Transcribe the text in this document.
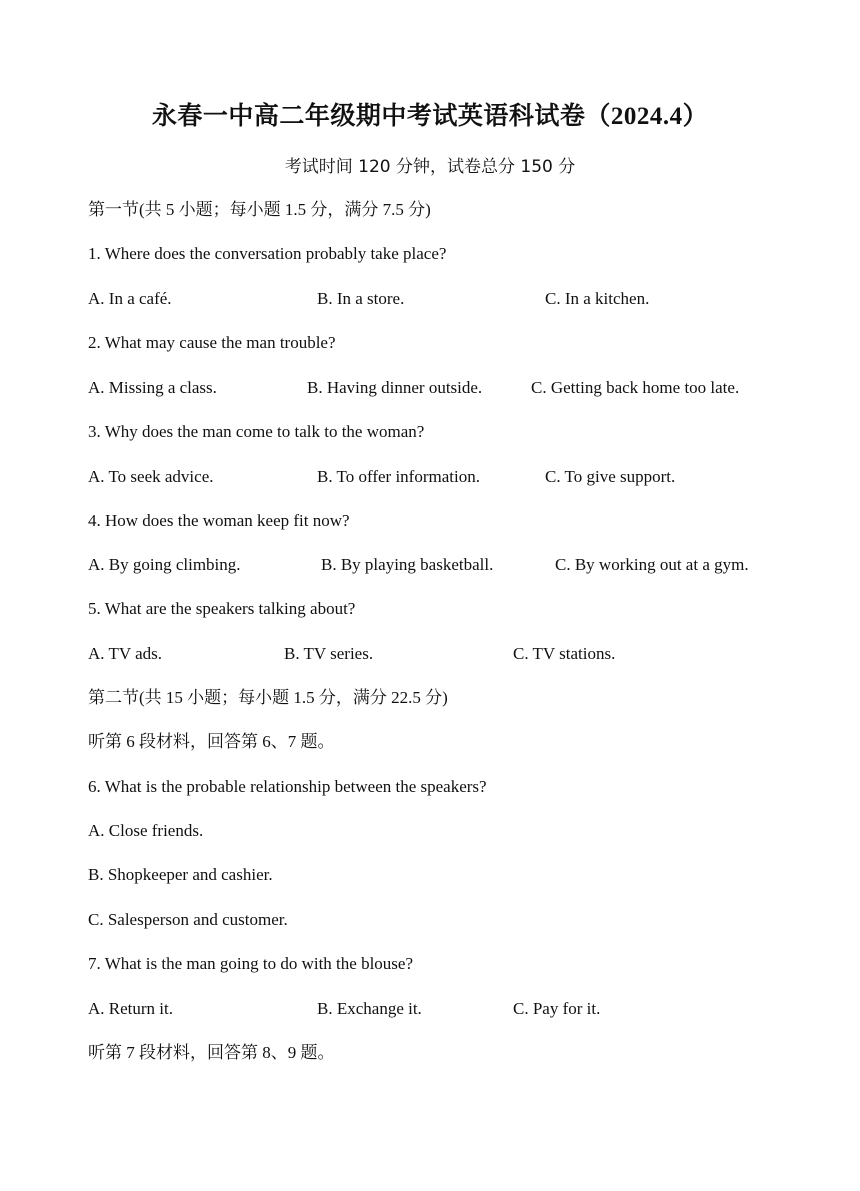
永春一中高二年级期中考试英语科试卷（2024.4）
考试时间 120 分钟，试卷总分 150 分
第一节(共 5 小题；每小题 1.5 分，满分 7.5 分)
1. Where does the conversation probably take place?
A. In a café.	B. In a store.	C. In a kitchen.
2. What may cause the man trouble?
A. Missing a class.	B. Having dinner outside.	C. Getting back home too late.
3. Why does the man come to talk to the woman?
A. To seek advice.	B. To offer information.	C. To give support.
4. How does the woman keep fit now?
A. By going climbing.	B. By playing basketball.	C. By working out at a gym.
5. What are the speakers talking about?
A. TV ads.	B. TV series.	C. TV stations.
第二节(共 15 小题；每小题 1.5 分，满分 22.5 分)
听第 6 段材料，回答第 6、7 题。
6. What is the probable relationship between the speakers?
A. Close friends.
B. Shopkeeper and cashier.
C. Salesperson and customer.
7. What is the man going to do with the blouse?
A. Return it.	B. Exchange it.	C. Pay for it.
听第 7 段材料，回答第 8、9 题。
